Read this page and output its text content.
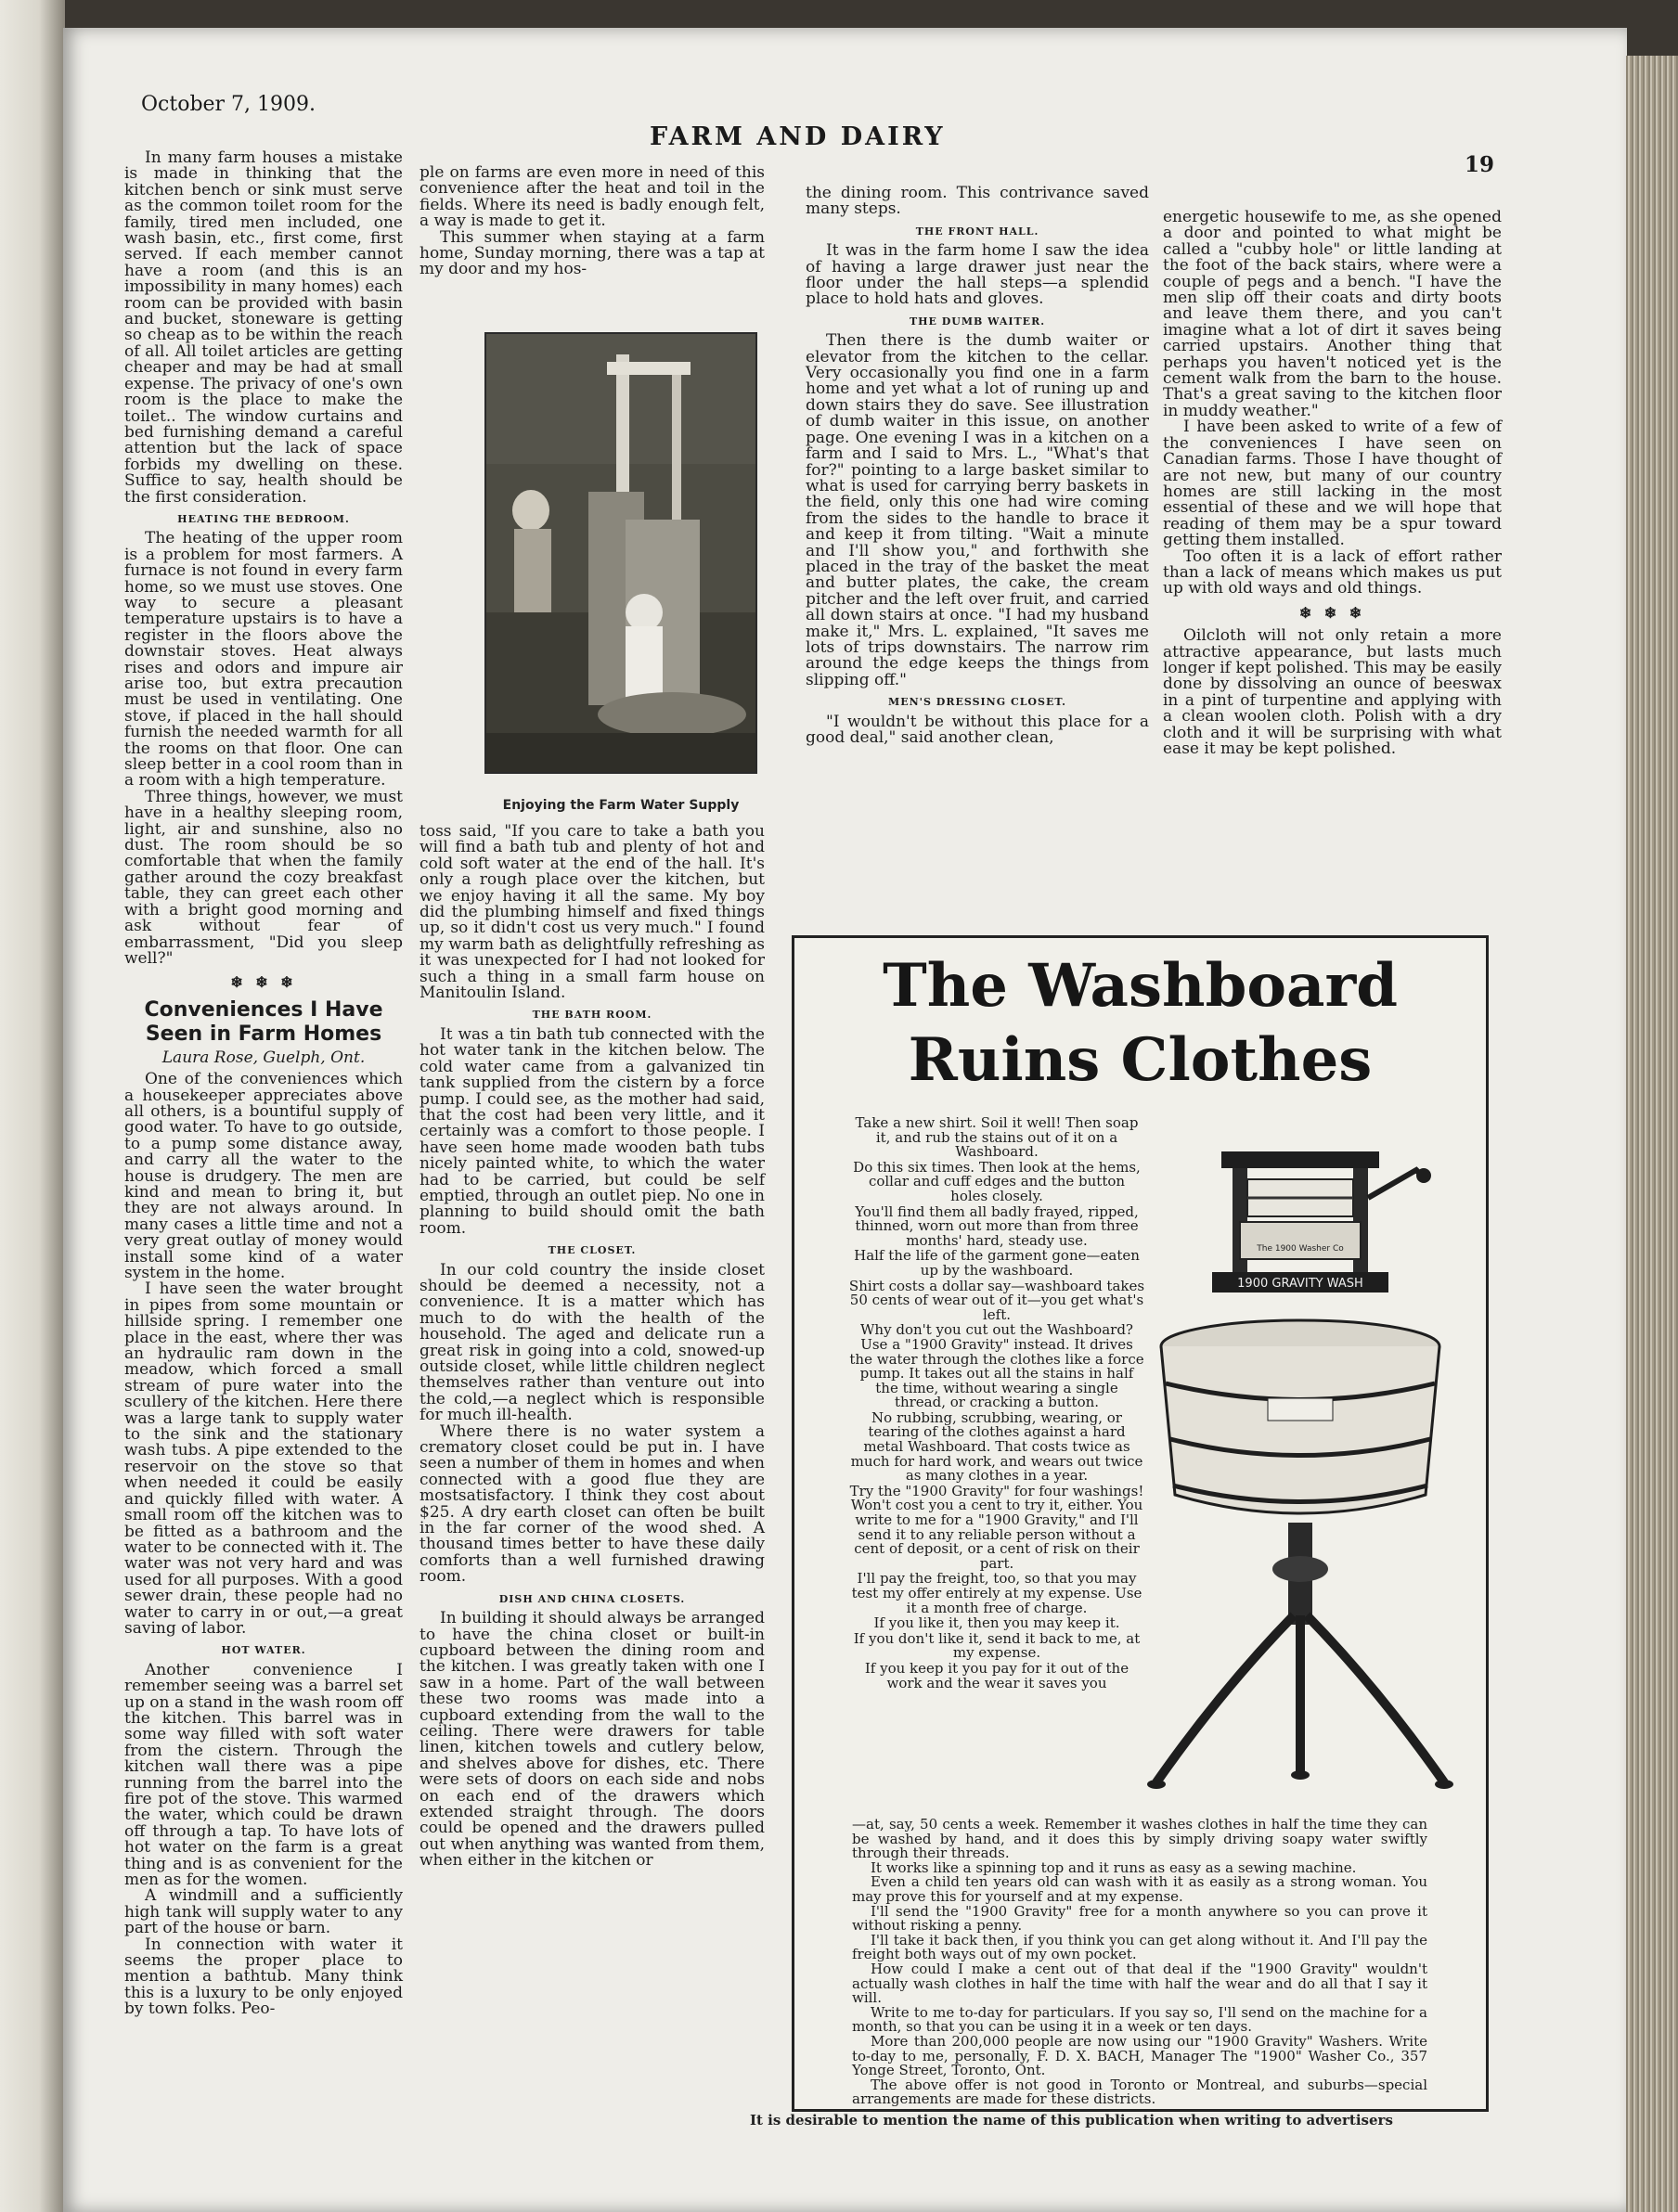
October 7, 1909.
FARM AND DAIRY
19

In many farm houses a mistake is made in thinking that the kitchen bench or sink must serve as the common toilet room for the family, tired men included, one wash basin, etc., first come, first served. If each member cannot have a room (and this is an impossibility in many homes) each room can be provided with basin and bucket, stoneware is getting so cheap as to be within the reach of all. All toilet articles are getting cheaper and may be had at small expense. The privacy of one's own room is the place to make the toilet.. The window curtains and bed furnishing demand a careful attention but the lack of space forbids my dwelling on these. Suffice to say, health should be the first consideration.

HEATING THE BEDROOM.

The heating of the upper room is a problem for most farmers. A furnace is not found in every farm home, so we must use stoves. One way to secure a pleasant temperature upstairs is to have a register in the floors above the downstair stoves. Heat always rises and odors and impure air arise too, but extra precaution must be used in ventilating. One stove, if placed in the hall should furnish the needed warmth for all the rooms on that floor. One can sleep better in a cool room than in a room with a high temperature.

Three things, however, we must have in a healthy sleeping room, light, air and sunshine, also no dust. The room should be so comfortable that when the family gather around the cozy breakfast table, they can greet each other with a bright good morning and ask without fear of embarrassment, "Did you sleep well?"

❄ ❄ ❄
Conveniences I Have Seen in Farm Homes
Laura Rose, Guelph, Ont.

One of the conveniences which a housekeeper appreciates above all others, is a bountiful supply of good water. To have to go outside, to a pump some distance away, and carry all the water to the house is drudgery. The men are kind and mean to bring it, but they are not always around. In many cases a little time and not a very great outlay of money would install some kind of a water system in the home.

I have seen the water brought in pipes from some mountain or hillside spring. I remember one place in the east, where ther was an hydraulic ram down in the meadow, which forced a small stream of pure water into the scullery of the kitchen. Here there was a large tank to supply water to the sink and the stationary wash tubs. A pipe extended to the reservoir on the stove so that when needed it could be easily and quickly filled with water. A small room off the kitchen was to be fitted as a bathroom and the water to be connected with it. The water was not very hard and was used for all purposes. With a good sewer drain, these people had no water to carry in or out,—a great saving of labor.

HOT WATER.

Another convenience I remember seeing was a barrel set up on a stand in the wash room off the kitchen. This barrel was in some way filled with soft water from the cistern. Through the kitchen wall there was a pipe running from the barrel into the fire pot of the stove. This warmed the water, which could be drawn off through a tap. To have lots of hot water on the farm is a great thing and is as convenient for the men as for the women.

A windmill and a sufficiently high tank will supply water to any part of the house or barn.

In connection with water it seems the proper place to mention a bathtub. Many think this is a luxury to be only enjoyed by town folks. Peo-

ple on farms are even more in need of this convenience after the heat and toil in the fields. Where its need is badly enough felt, a way is made to get it.

This summer when staying at a farm home, Sunday morning, there was a tap at my door and my hos-

Enjoying the Farm Water Supply

toss said, "If you care to take a bath you will find a bath tub and plenty of hot and cold soft water at the end of the hall. It's only a rough place over the kitchen, but we enjoy having it all the same. My boy did the plumbing himself and fixed things up, so it didn't cost us very much." I found my warm bath as delightfully refreshing as it was unexpected for I had not looked for such a thing in a small farm house on Manitoulin Island.

THE BATH ROOM.

It was a tin bath tub connected with the hot water tank in the kitchen below. The cold water came from a galvanized tin tank supplied from the cistern by a force pump. I could see, as the mother had said, that the cost had been very little, and it certainly was a comfort to those people. I have seen home made wooden bath tubs nicely painted white, to which the water had to be carried, but could be self emptied, through an outlet piep. No one in planning to build should omit the bath room.

THE CLOSET.

In our cold country the inside closet should be deemed a necessity, not a convenience. It is a matter which has much to do with the health of the household. The aged and delicate run a great risk in going into a cold, snowed-up outside closet, while little children neglect themselves rather than venture out into the cold,—a neglect which is responsible for much ill-health.

Where there is no water system a crematory closet could be put in. I have seen a number of them in homes and when connected with a good flue they are mostsatisfactory. I think they cost about $25. A dry earth closet can often be built in the far corner of the wood shed. A thousand times better to have these daily comforts than a well furnished drawing room.

DISH AND CHINA CLOSETS.

In building it should always be arranged to have the china closet or built-in cupboard between the dining room and the kitchen. I was greatly taken with one I saw in a home. Part of the wall between these two rooms was made into a cupboard extending from the wall to the ceiling. There were drawers for table linen, kitchen towels and cutlery below, and shelves above for dishes, etc. There were sets of doors on each side and nobs on each end of the drawers which extended straight through. The doors could be opened and the drawers pulled out when anything was wanted from them, when either in the kitchen or

the dining room. This contrivance saved many steps.

THE FRONT HALL.

It was in the farm home I saw the idea of having a large drawer just near the floor under the hall steps—a splendid place to hold hats and gloves.

THE DUMB WAITER.

Then there is the dumb waiter or elevator from the kitchen to the cellar. Very occasionally you find one in a farm home and yet what a lot of runing up and down stairs they do save. See illustration of dumb waiter in this issue, on another page. One evening I was in a kitchen on a farm and I said to Mrs. L., "What's that for?" pointing to a large basket similar to what is used for carrying berry baskets in the field, only this one had wire coming from the sides to the handle to brace it and keep it from tilting. "Wait a minute and I'll show you," and forthwith she placed in the tray of the basket the meat and butter plates, the cake, the cream pitcher and the left over fruit, and carried all down stairs at once. "I had my husband make it," Mrs. L. explained, "It saves me lots of trips downstairs. The narrow rim around the edge keeps the things from slipping off."

MEN'S DRESSING CLOSET.

"I wouldn't be without this place for a good deal," said another clean,

energetic housewife to me, as she opened a door and pointed to what might be called a "cubby hole" or little landing at the foot of the back stairs, where were a couple of pegs and a bench. "I have the men slip off their coats and dirty boots and leave them there, and you can't imagine what a lot of dirt it saves being carried upstairs. Another thing that perhaps you haven't noticed yet is the cement walk from the barn to the house. That's a great saving to the kitchen floor in muddy weather."

I have been asked to write of a few of the conveniences I have seen on Canadian farms. Those I have thought of are not new, but many of our country homes are still lacking in the most essential of these and we will hope that reading of them may be a spur toward getting them installed.

Too often it is a lack of effort rather than a lack of means which makes us put up with old ways and old things.

❄ ❄ ❄

Oilcloth will not only retain a more attractive appearance, but lasts much longer if kept polished. This may be easily done by dissolving an ounce of beeswax in a pint of turpentine and applying with a clean woolen cloth. Polish with a dry cloth and it will be surprising with what ease it may be kept polished.

The Washboard
Ruins Clothes

Take a new shirt. Soil it well! Then soap it, and rub the stains out of it on a Washboard.

Do this six times. Then look at the hems, collar and cuff edges and the button holes closely.

You'll find them all badly frayed, ripped, thinned, worn out more than from three months' hard, steady use.

Half the life of the garment gone—eaten up by the washboard.

Shirt costs a dollar say—washboard takes 50 cents of wear out of it—you get what's left.

Why don't you cut out the Washboard? Use a "1900 Gravity" instead. It drives the water through the clothes like a force pump. It takes out all the stains in half the time, without wearing a single thread, or cracking a button.

No rubbing, scrubbing, wearing, or tearing of the clothes against a hard metal Washboard. That costs twice as much for hard work, and wears out twice as many clothes in a year.

Try the "1900 Gravity" for four washings! Won't cost you a cent to try it, either. You write to me for a "1900 Gravity," and I'll send it to any reliable person without a cent of deposit, or a cent of risk on their part.

I'll pay the freight, too, so that you may test my offer entirely at my expense. Use it a month free of charge.

If you like it, then you may keep it.

If you don't like it, send it back to me, at my expense.

If you keep it you pay for it out of the work and the wear it saves you

1900 GRAVITY WASH
The 1900 Washer Co

—at, say, 50 cents a week. Remember it washes clothes in half the time they can be washed by hand, and it does this by simply driving soapy water swiftly through their threads.

It works like a spinning top and it runs as easy as a sewing machine.

Even a child ten years old can wash with it as easily as a strong woman. You may prove this for yourself and at my expense.

I'll send the "1900 Gravity" free for a month anywhere so you can prove it without risking a penny.

I'll take it back then, if you think you can get along without it. And I'll pay the freight both ways out of my own pocket.

How could I make a cent out of that deal if the "1900 Gravity" wouldn't actually wash clothes in half the time with half the wear and do all that I say it will.

Write to me to-day for particulars. If you say so, I'll send on the machine for a month, so that you can be using it in a week or ten days.

More than 200,000 people are now using our "1900 Gravity" Washers. Write to-day to me, personally, F. D. X. BACH, Manager The "1900" Washer Co., 357 Yonge Street, Toronto, Ont.

The above offer is not good in Toronto or Montreal, and suburbs—special arrangements are made for these districts.

It is desirable to mention the name of this publication when writing to advertisers
